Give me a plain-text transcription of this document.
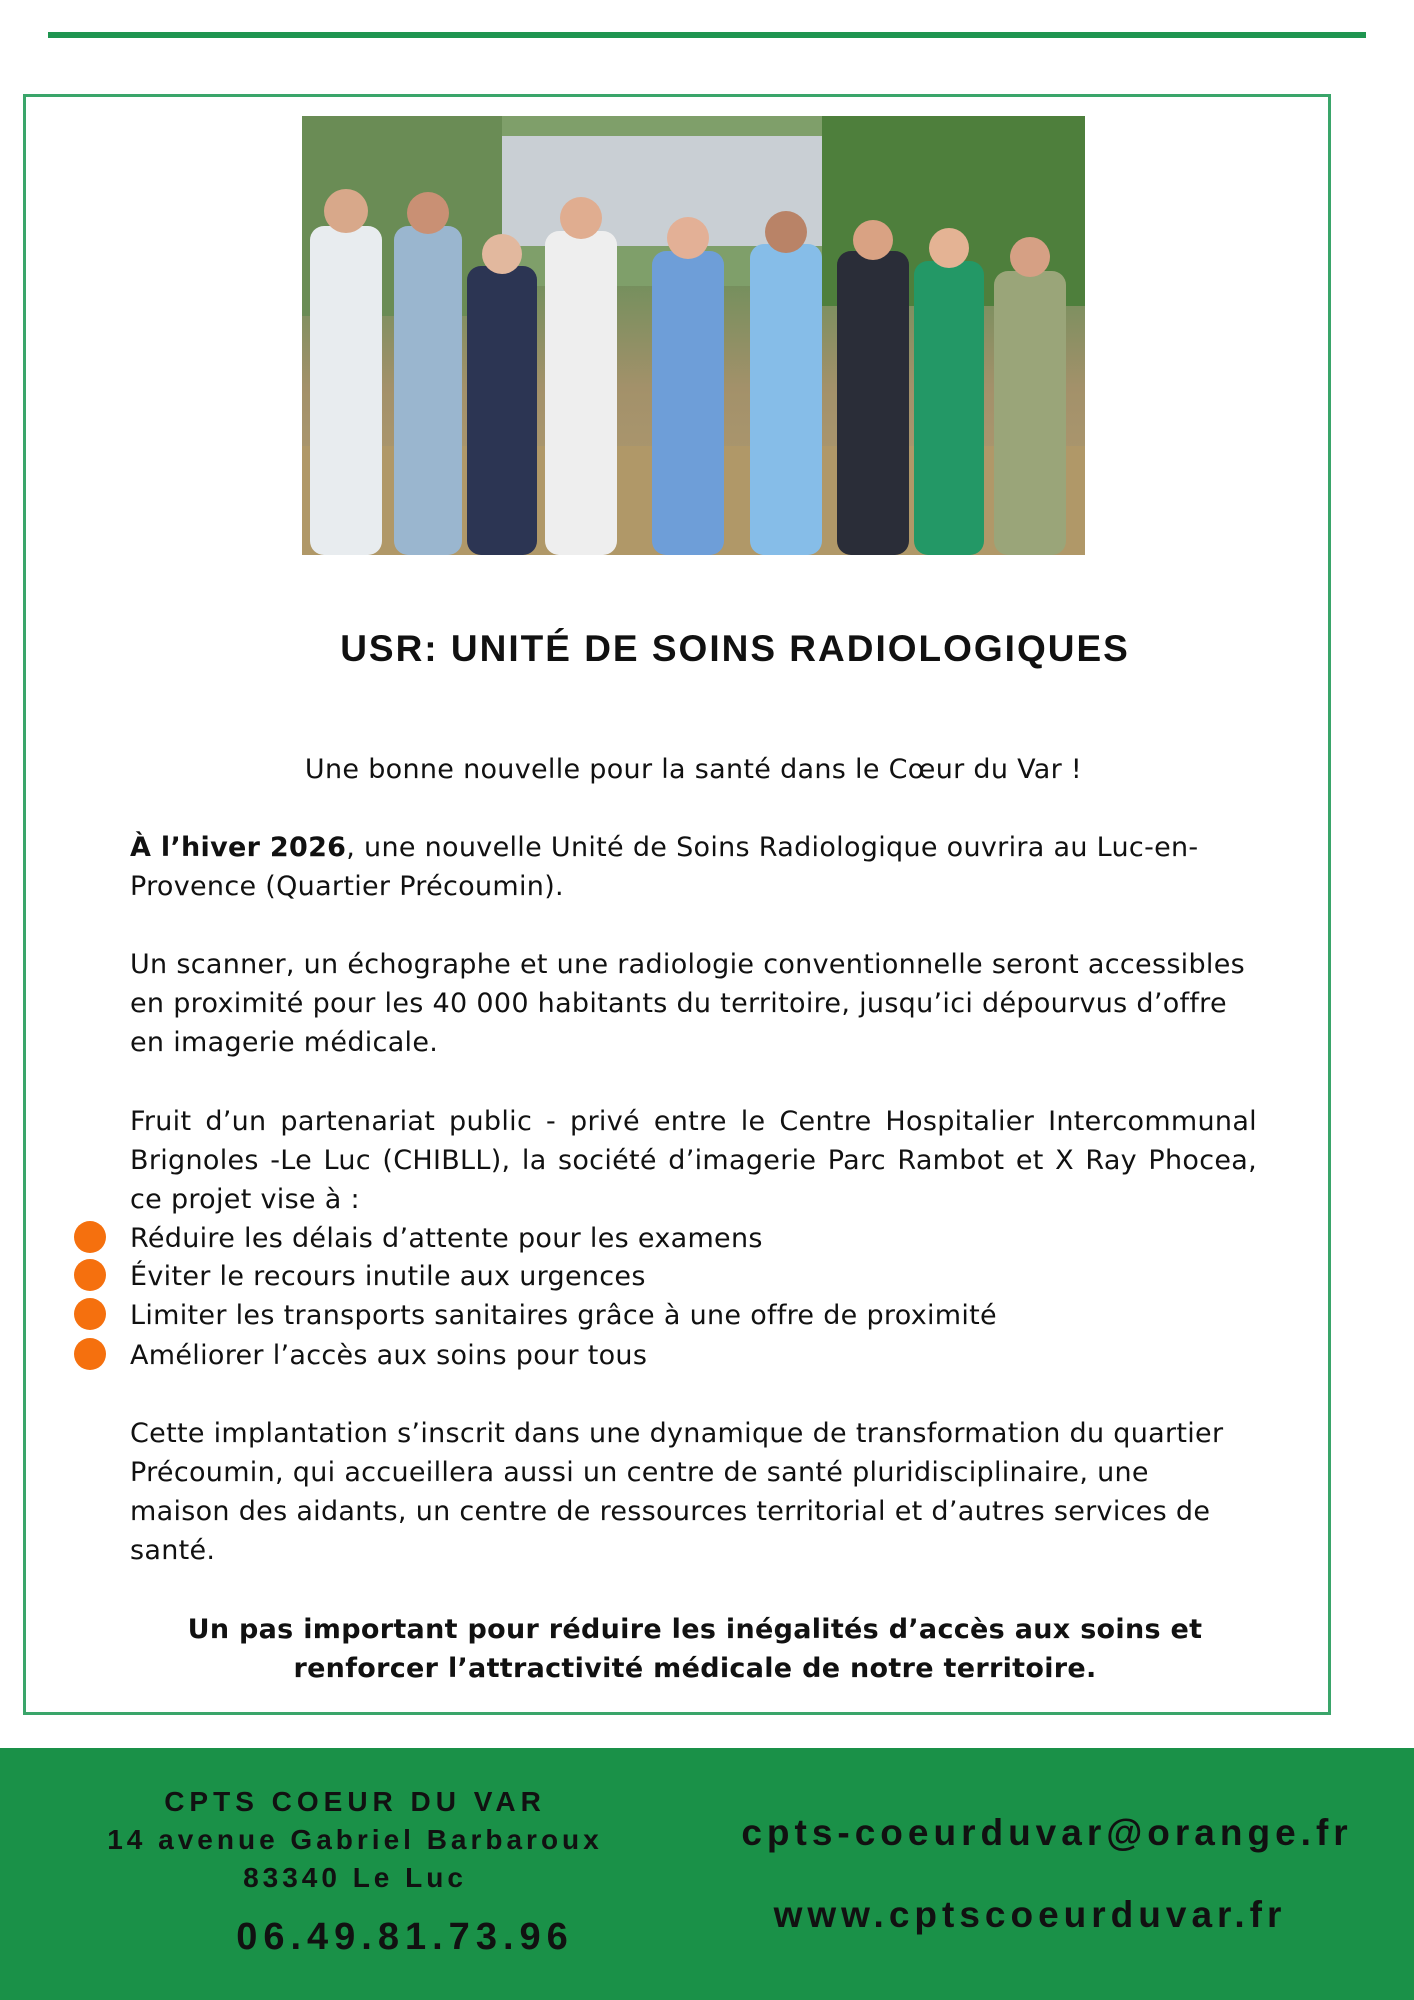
USR: UNITÉ DE SOINS RADIOLOGIQUES
Une bonne nouvelle pour la santé dans le Cœur du Var !
À l’hiver 2026, une nouvelle Unité de Soins Radiologique ouvrira au Luc-en-Provence (Quartier Précoumin).
Un scanner, un échographe et une radiologie conventionnelle seront accessibles en proximité pour les 40 000 habitants du territoire, jusqu’ici dépourvus d’offre en imagerie médicale.
Fruit d’un partenariat public - privé entre le Centre Hospitalier Intercommunal Brignoles -Le Luc (CHIBLL), la société d’imagerie Parc Rambot et X Ray Phocea, ce projet vise à :
Réduire les délais d’attente pour les examens
Éviter le recours inutile aux urgences
Limiter les transports sanitaires grâce à une offre de proximité
Améliorer l’accès aux soins pour tous
Cette implantation s’inscrit dans une dynamique de transformation du quartier Précoumin, qui accueillera aussi un centre de santé pluridisciplinaire, une maison des aidants, un centre de ressources territorial et d’autres services de santé.
Un pas important pour réduire les inégalités d’accès aux soins et renforcer l’attractivité médicale de notre territoire.
CPTS COEUR DU VAR
14 avenue Gabriel Barbaroux
83340 Le Luc
06.49.81.73.96
cpts-coeurduvar@orange.fr
www.cptscoeurduvar.fr
